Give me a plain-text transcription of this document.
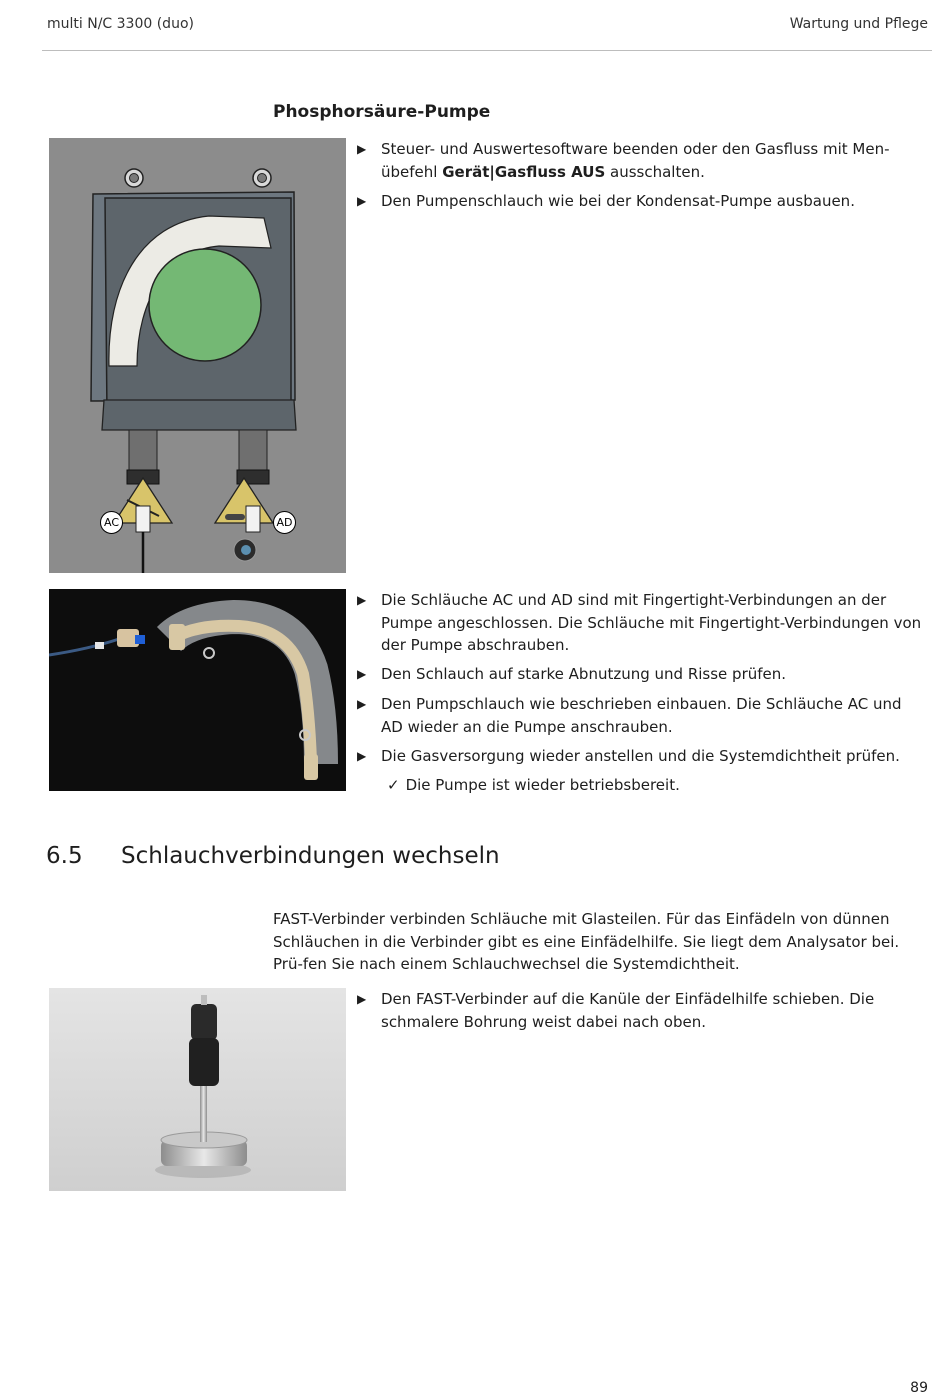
multi N/C 3300 (duo)	Wartung und Pflege
Phosphorsäure-Pumpe
AC	AD
▶ Steuer- und Auswertesoftware beenden oder den Gasfluss mit Men-übefehl Gerät|Gasfluss AUS ausschalten.
▶ Den Pumpenschlauch wie bei der Kondensat-Pumpe ausbauen.
▶ Die Schläuche AC und AD sind mit Fingertight-Verbindungen an der Pumpe angeschlossen. Die Schläuche mit Fingertight-Verbindungen von der Pumpe abschrauben.
▶ Den Schlauch auf starke Abnutzung und Risse prüfen.
▶ Den Pumpschlauch wie beschrieben einbauen. Die Schläuche AC und AD wieder an die Pumpe anschrauben.
▶ Die Gasversorgung wieder anstellen und die Systemdichtheit prüfen.
✓ Die Pumpe ist wieder betriebsbereit.
6.5 Schlauchverbindungen wechseln
FAST-Verbinder verbinden Schläuche mit Glasteilen. Für das Einfädeln von dünnen Schläuchen in die Verbinder gibt es eine Einfädelhilfe. Sie liegt dem Analysator bei. Prü-fen Sie nach einem Schlauchwechsel die Systemdichtheit.
▶ Den FAST-Verbinder auf die Kanüle der Einfädelhilfe schieben. Die schmalere Bohrung weist dabei nach oben.
89
